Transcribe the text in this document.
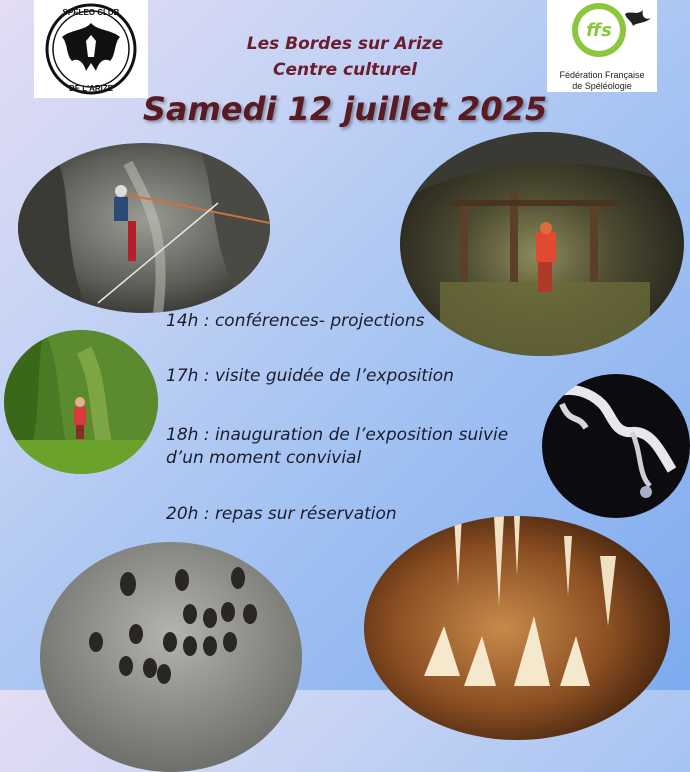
SPELEO CLUB
DE L'ARIZE
ffs
Fédération Française
de Spéléologie
Les Bordes sur Arize
Centre culturel
Samedi 12 juillet 2025
14h : conférences- projections
17h : visite guidée de l’exposition
18h : inauguration de l’exposition suivie
d’un moment convivial
20h : repas sur réservation
